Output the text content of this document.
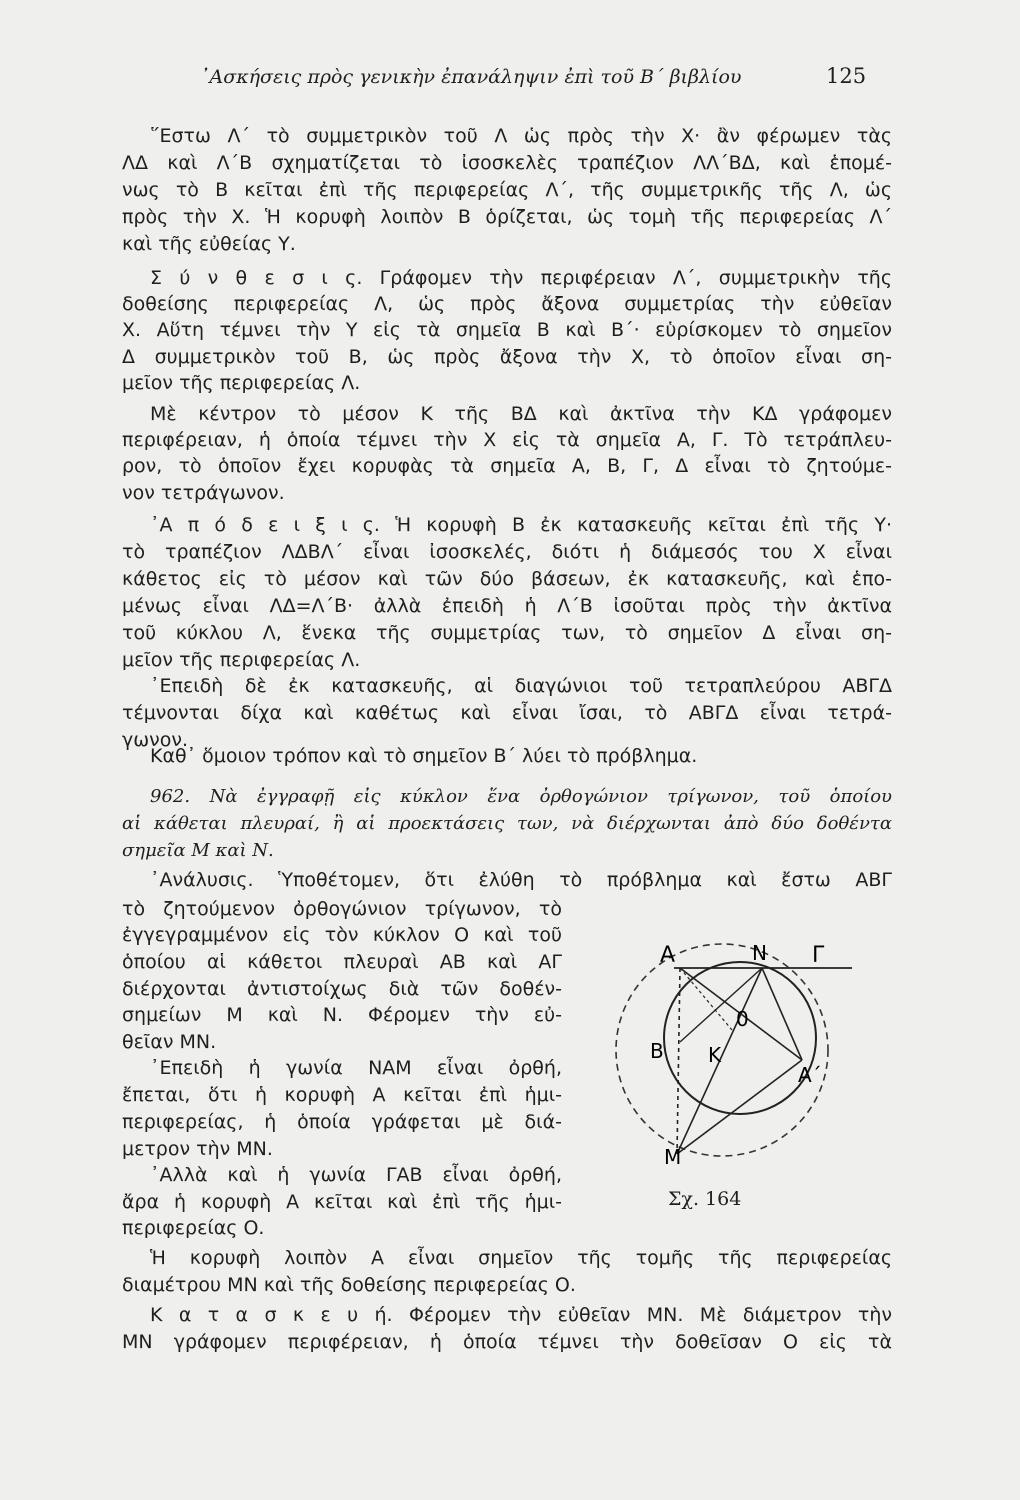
᾿Ασκήσεις πρὸς γενικὴν ἐπανάληψιν ἐπὶ τοῦ Β΄ βιβλίου	125
῞Εστω Λ΄ τὸ συμμετρικὸν τοῦ Λ ὡς πρὸς τὴν Χ· ἂν φέρωμεν τὰς
ΛΔ καὶ Λ΄Β σχηματίζεται τὸ ἰσοσκελὲς τραπέζιον ΛΛ΄ΒΔ, καὶ ἑπομέ-
νως τὸ Β κεῖται ἐπὶ τῆς περιφερείας Λ΄, τῆς συμμετρικῆς τῆς Λ, ὡς
πρὸς τὴν Χ. Ἡ κορυφὴ λοιπὸν Β ὁρίζεται, ὡς τομὴ τῆς περιφερείας Λ΄
καὶ τῆς εὐθείας Υ.
Σ ύ ν θ ε σ ι ς. Γράφομεν τὴν περιφέρειαν Λ΄, συμμετρικὴν τῆς
δοθείσης περιφερείας Λ, ὡς πρὸς ἄξονα συμμετρίας τὴν εὐθεῖαν
Χ. Αὕτη τέμνει τὴν Υ εἰς τὰ σημεῖα Β καὶ Β΄· εὑρίσκομεν τὸ σημεῖον
Δ συμμετρικὸν τοῦ Β, ὡς πρὸς ἄξονα τὴν Χ, τὸ ὁποῖον εἶναι ση-
μεῖον τῆς περιφερείας Λ.
Μὲ κέντρον τὸ μέσον Κ τῆς ΒΔ καὶ ἀκτῖνα τὴν ΚΔ γράφομεν
περιφέρειαν, ἡ ὁποία τέμνει τὴν Χ εἰς τὰ σημεῖα Α, Γ. Τὸ τετράπλευ-
ρον, τὸ ὁποῖον ἔχει κορυφὰς τὰ σημεῖα Α, Β, Γ, Δ εἶναι τὸ ζητούμε-
νον τετράγωνον.
᾿Α π ό δ ε ι ξ ι ς. Ἡ κορυφὴ Β ἐκ κατασκευῆς κεῖται ἐπὶ τῆς Υ·
τὸ τραπέζιον ΛΔΒΛ΄ εἶναι ἰσοσκελές, διότι ἡ διάμεσός του Χ εἶναι
κάθετος εἰς τὸ μέσον καὶ τῶν δύο βάσεων, ἐκ κατασκευῆς, καὶ ἑπο-
μένως εἶναι ΛΔ=Λ΄Β· ἀλλὰ ἐπειδὴ ἡ Λ΄Β ἰσοῦται πρὸς τὴν ἀκτῖνα
τοῦ κύκλου Λ, ἕνεκα τῆς συμμετρίας των, τὸ σημεῖον Δ εἶναι ση-
μεῖον τῆς περιφερείας Λ.
᾿Επειδὴ δὲ ἐκ κατασκευῆς, αἱ διαγώνιοι τοῦ τετραπλεύρου ΑΒΓΔ
τέμνονται δίχα καὶ καθέτως καὶ εἶναι ἴσαι, τὸ ΑΒΓΔ εἶναι τετρά-
γωνον.
Καθ᾿ ὅμοιον τρόπον καὶ τὸ σημεῖον Β΄ λύει τὸ πρόβλημα.
962. Νὰ ἐγγραφῇ εἰς κύκλον ἕνα ὀρθογώνιον τρίγωνον, τοῦ ὁποίου
αἱ κάθεται πλευραί, ἢ αἱ προεκτάσεις των, νὰ διέρχωνται ἀπὸ δύο δοθέντα
σημεῖα Μ καὶ Ν.
᾿Ανάλυσις. Ὑποθέτομεν, ὅτι ἐλύθη τὸ πρόβλημα καὶ ἔστω ΑΒΓ
τὸ ζητούμενον ὀρθογώνιον τρίγωνον, τὸ
ἐγγεγραμμένον εἰς τὸν κύκλον Ο καὶ τοῦ
ὁποίου αἱ κάθετοι πλευραὶ ΑΒ καὶ ΑΓ
διέρχονται ἀντιστοίχως διὰ τῶν δοθέν-
σημείων Μ καὶ Ν. Φέρομεν τὴν εὐ-
θεῖαν ΜΝ.
᾿Επειδὴ ἡ γωνία ΝΑΜ εἶναι ὀρθή,
ἔπεται, ὅτι ἡ κορυφὴ Α κεῖται ἐπὶ ἡμι-
περιφερείας, ἡ ὁποία γράφεται μὲ διά-
μετρον τὴν ΜΝ.
᾿Αλλὰ καὶ ἡ γωνία ΓΑΒ εἶναι ὀρθή,
ἄρα ἡ κορυφὴ Α κεῖται καὶ ἐπὶ τῆς ἡμι-
περιφερείας Ο.
Ἡ κορυφὴ λοιπὸν Α εἶναι σημεῖον τῆς τομῆς τῆς περιφερείας
διαμέτρου ΜΝ καὶ τῆς δοθείσης περιφερείας Ο.
Κ α τ α σ κ ε υ ή. Φέρομεν τὴν εὐθεῖαν ΜΝ. Μὲ διάμετρον τὴν
ΜΝ γράφομεν περιφέρειαν, ἡ ὁποία τέμνει τὴν δοθεῖσαν Ο εἰς τὰ
Α	N Γ
0
Β Κ
Α΄
Μ
Σχ. 164
